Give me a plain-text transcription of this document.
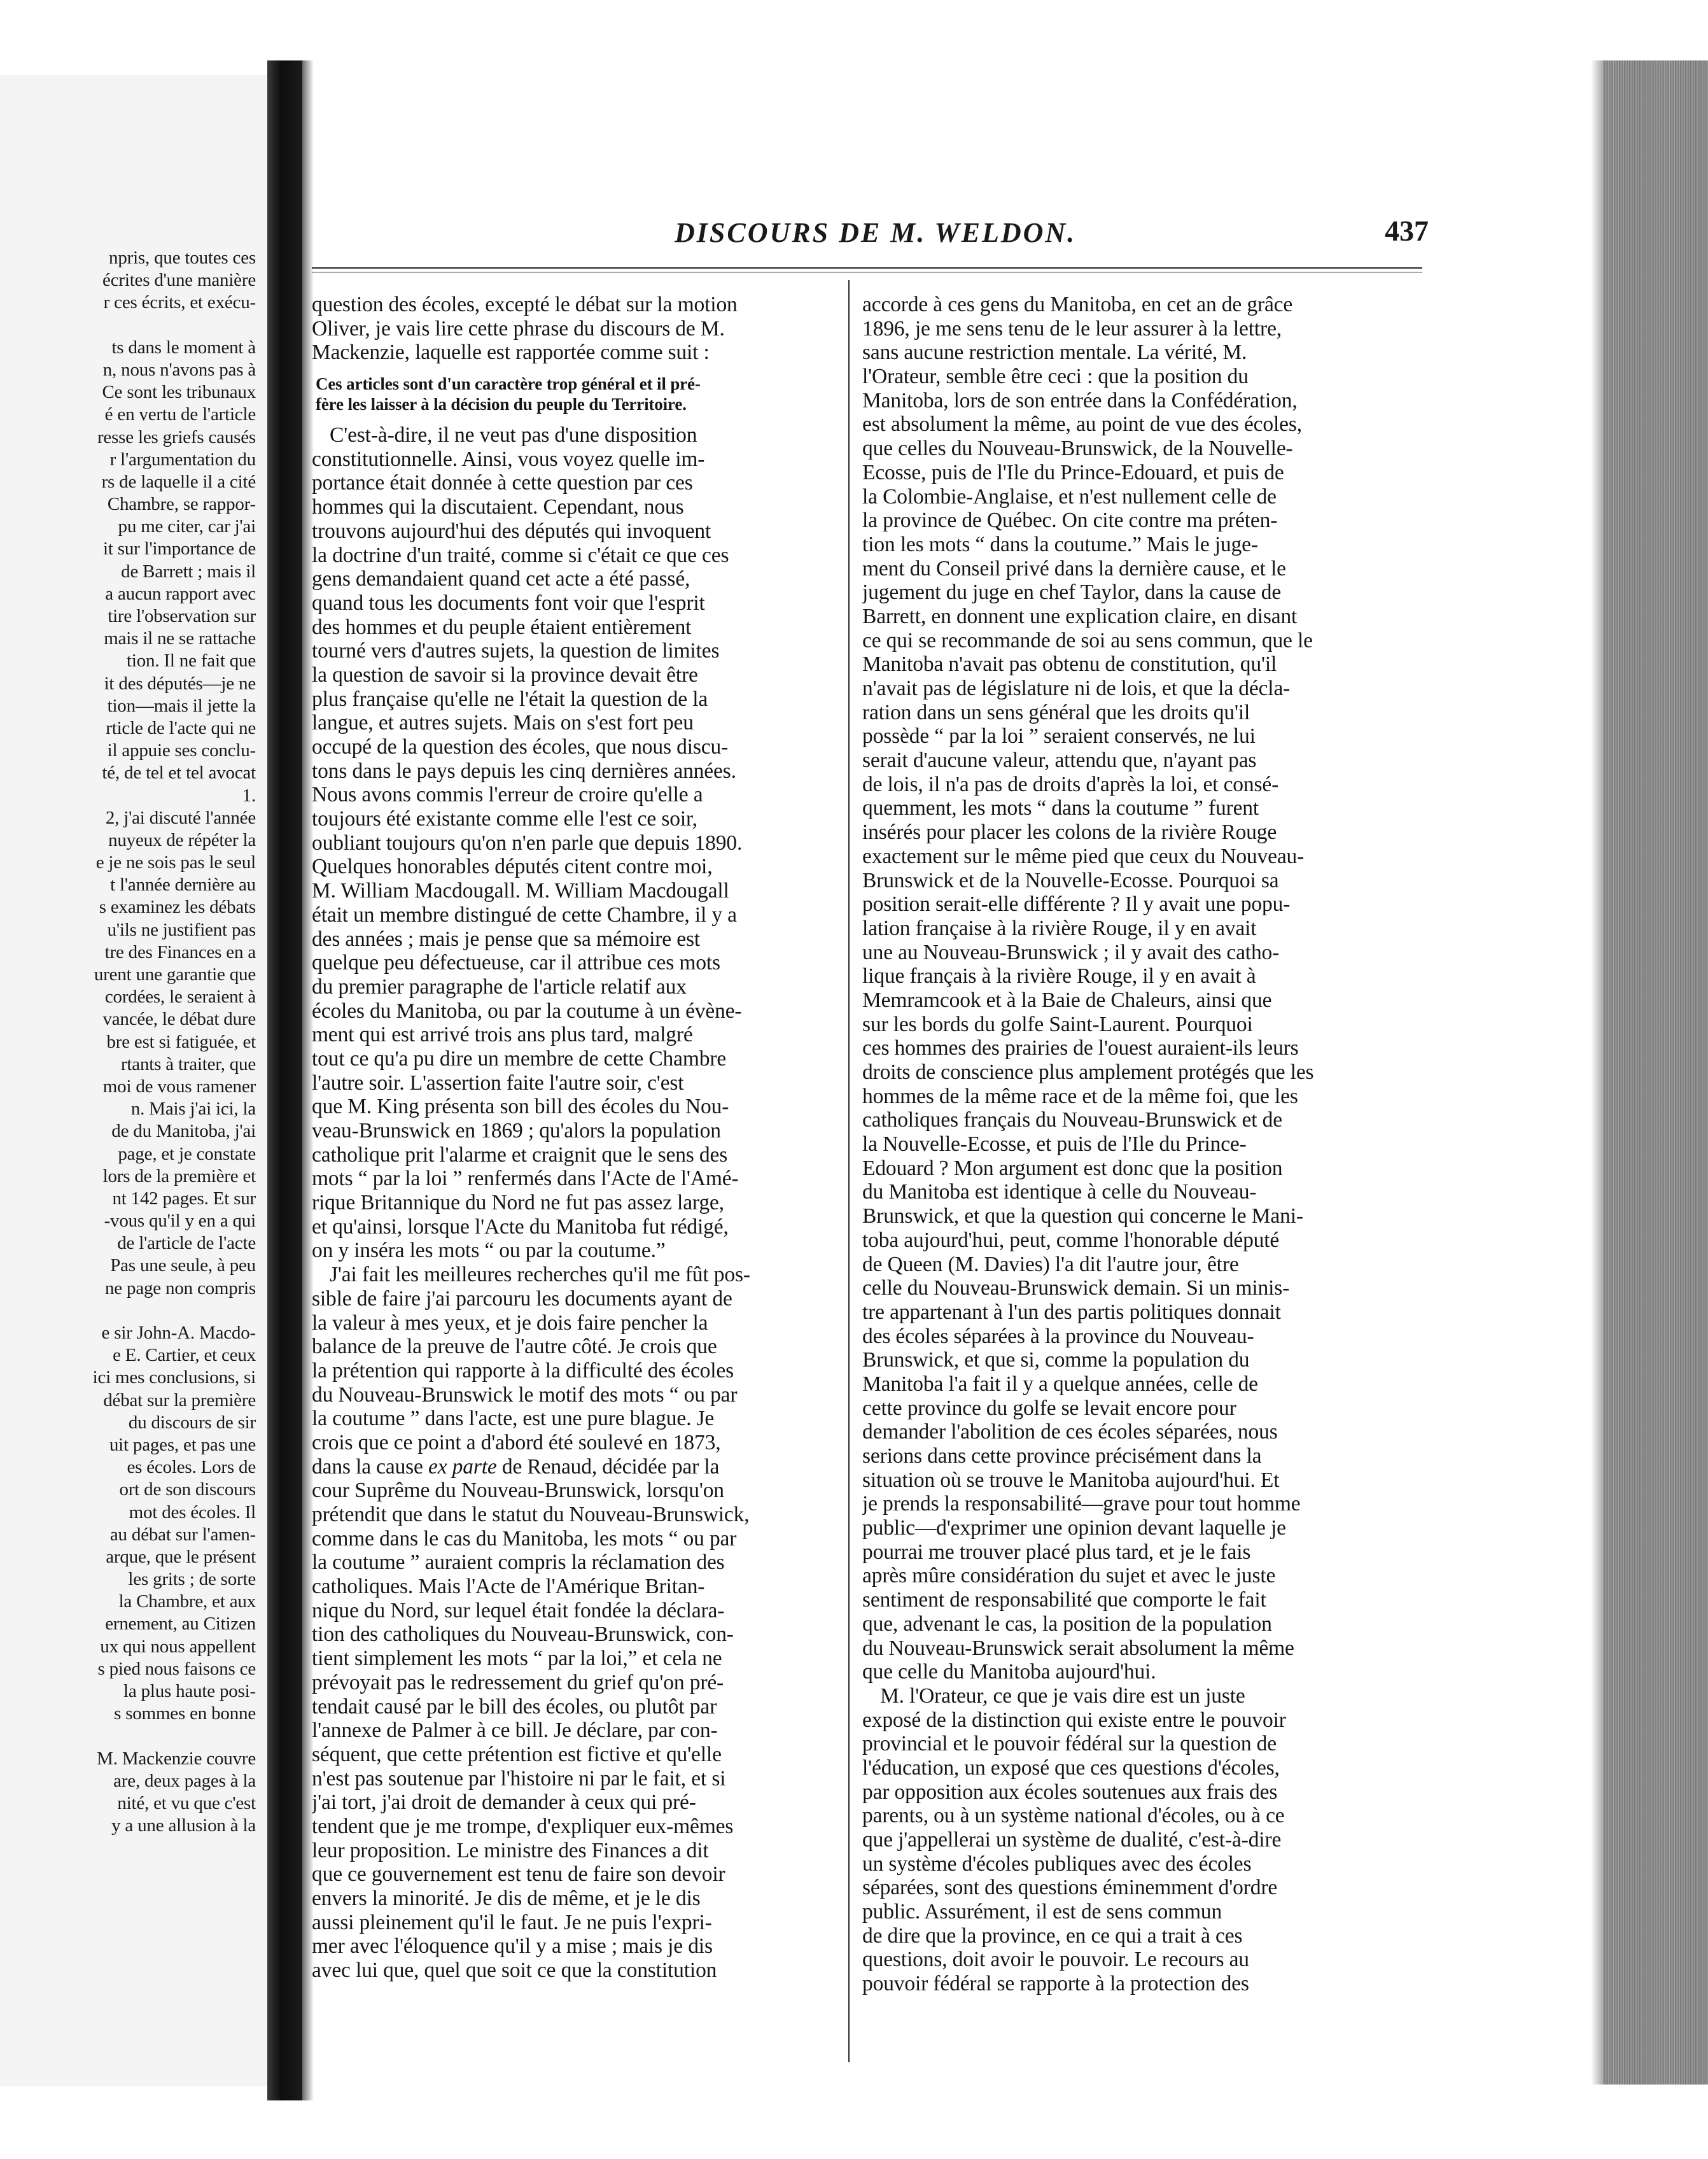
npris, que toutes ces
écrites d'une manière
r ces écrits, et exécu-
ts dans le moment à
n, nous n'avons pas à
Ce sont les tribunaux
é en vertu de l'article
resse les griefs causés
r l'argumentation du
rs de laquelle il a cité
Chambre, se rappor-
pu me citer, car j'ai
it sur l'importance de
de Barrett ; mais il
a aucun rapport avec
tire l'observation sur
mais il ne se rattache
tion. Il ne fait que
it des députés—je ne
tion—mais il jette la
rticle de l'acte qui ne
il appuie ses conclu-
té, de tel et tel avocat
1.
2, j'ai discuté l'année
nuyeux de répéter la
e je ne sois pas le seul
t l'année dernière au
s examinez les débats
u'ils ne justifient pas
tre des Finances en a
urent une garantie que
cordées, le seraient à
vancée, le débat dure
bre est si fatiguée, et
rtants à traiter, que
moi de vous ramener
n. Mais j'ai ici, la
de du Manitoba, j'ai
page, et je constate
lors de la première et
nt 142 pages. Et sur
-vous qu'il y en a qui
de l'article de l'acte
Pas une seule, à peu
ne page non compris
e sir John-A. Macdo-
e E. Cartier, et ceux
ici mes conclusions, si
débat sur la première
du discours de sir
uit pages, et pas une
es écoles. Lors de
ort de son discours
mot des écoles. Il
au débat sur l'amen-
arque, que le présent
les grits ; de sorte
la Chambre, et aux
ernement, au Citizen
ux qui nous appellent
s pied nous faisons ce
la plus haute posi-
s sommes en bonne
M. Mackenzie couvre
are, deux pages à la
nité, et vu que c'est
y a une allusion à la
DISCOURS DE M. WELDON.	437
question des écoles, excepté le débat sur la motion
Oliver, je vais lire cette phrase du discours de M.
Mackenzie, laquelle est rapportée comme suit :
Ces articles sont d'un caractère trop général et il pré-
fère les laisser à la décision du peuple du Territoire.
C'est-à-dire, il ne veut pas d'une disposition
constitutionnelle. Ainsi, vous voyez quelle im-
portance était donnée à cette question par ces
hommes qui la discutaient. Cependant, nous
trouvons aujourd'hui des députés qui invoquent
la doctrine d'un traité, comme si c'était ce que ces
gens demandaient quand cet acte a été passé,
quand tous les documents font voir que l'esprit
des hommes et du peuple étaient entièrement
tourné vers d'autres sujets, la question de limites
la question de savoir si la province devait être
plus française qu'elle ne l'était la question de la
langue, et autres sujets. Mais on s'est fort peu
occupé de la question des écoles, que nous discu-
tons dans le pays depuis les cinq dernières années.
Nous avons commis l'erreur de croire qu'elle a
toujours été existante comme elle l'est ce soir,
oubliant toujours qu'on n'en parle que depuis 1890.
Quelques honorables députés citent contre moi,
M. William Macdougall. M. William Macdougall
était un membre distingué de cette Chambre, il y a
des années ; mais je pense que sa mémoire est
quelque peu défectueuse, car il attribue ces mots
du premier paragraphe de l'article relatif aux
écoles du Manitoba, ou par la coutume à un évène-
ment qui est arrivé trois ans plus tard, malgré
tout ce qu'a pu dire un membre de cette Chambre
l'autre soir. L'assertion faite l'autre soir, c'est
que M. King présenta son bill des écoles du Nou-
veau-Brunswick en 1869 ; qu'alors la population
catholique prit l'alarme et craignit que le sens des
mots “ par la loi ” renfermés dans l'Acte de l'Amé-
rique Britannique du Nord ne fut pas assez large,
et qu'ainsi, lorsque l'Acte du Manitoba fut rédigé,
on y inséra les mots “ ou par la coutume.”
J'ai fait les meilleures recherches qu'il me fût pos-
sible de faire j'ai parcouru les documents ayant de
la valeur à mes yeux, et je dois faire pencher la
balance de la preuve de l'autre côté. Je crois que
la prétention qui rapporte à la difficulté des écoles
du Nouveau-Brunswick le motif des mots “ ou par
la coutume ” dans l'acte, est une pure blague. Je
crois que ce point a d'abord été soulevé en 1873,
dans la cause ex parte de Renaud, décidée par la
cour Suprême du Nouveau-Brunswick, lorsqu'on
prétendit que dans le statut du Nouveau-Brunswick,
comme dans le cas du Manitoba, les mots “ ou par
la coutume ” auraient compris la réclamation des
catholiques. Mais l'Acte de l'Amérique Britan-
nique du Nord, sur lequel était fondée la déclara-
tion des catholiques du Nouveau-Brunswick, con-
tient simplement les mots “ par la loi,” et cela ne
prévoyait pas le redressement du grief qu'on pré-
tendait causé par le bill des écoles, ou plutôt par
l'annexe de Palmer à ce bill. Je déclare, par con-
séquent, que cette prétention est fictive et qu'elle
n'est pas soutenue par l'histoire ni par le fait, et si
j'ai tort, j'ai droit de demander à ceux qui pré-
tendent que je me trompe, d'expliquer eux-mêmes
leur proposition. Le ministre des Finances a dit
que ce gouvernement est tenu de faire son devoir
envers la minorité. Je dis de même, et je le dis
aussi pleinement qu'il le faut. Je ne puis l'expri-
mer avec l'éloquence qu'il y a mise ; mais je dis
avec lui que, quel que soit ce que la constitution
accorde à ces gens du Manitoba, en cet an de grâce
1896, je me sens tenu de le leur assurer à la lettre,
sans aucune restriction mentale. La vérité, M.
l'Orateur, semble être ceci : que la position du
Manitoba, lors de son entrée dans la Confédération,
est absolument la même, au point de vue des écoles,
que celles du Nouveau-Brunswick, de la Nouvelle-
Ecosse, puis de l'Ile du Prince-Edouard, et puis de
la Colombie-Anglaise, et n'est nullement celle de
la province de Québec. On cite contre ma préten-
tion les mots “ dans la coutume.” Mais le juge-
ment du Conseil privé dans la dernière cause, et le
jugement du juge en chef Taylor, dans la cause de
Barrett, en donnent une explication claire, en disant
ce qui se recommande de soi au sens commun, que le
Manitoba n'avait pas obtenu de constitution, qu'il
n'avait pas de législature ni de lois, et que la décla-
ration dans un sens général que les droits qu'il
possède “ par la loi ” seraient conservés, ne lui
serait d'aucune valeur, attendu que, n'ayant pas
de lois, il n'a pas de droits d'après la loi, et consé-
quemment, les mots “ dans la coutume ” furent
insérés pour placer les colons de la rivière Rouge
exactement sur le même pied que ceux du Nouveau-
Brunswick et de la Nouvelle-Ecosse. Pourquoi sa
position serait-elle différente ? Il y avait une popu-
lation française à la rivière Rouge, il y en avait
une au Nouveau-Brunswick ; il y avait des catho-
lique français à la rivière Rouge, il y en avait à
Memramcook et à la Baie de Chaleurs, ainsi que
sur les bords du golfe Saint-Laurent. Pourquoi
ces hommes des prairies de l'ouest auraient-ils leurs
droits de conscience plus amplement protégés que les
hommes de la même race et de la même foi, que les
catholiques français du Nouveau-Brunswick et de
la Nouvelle-Ecosse, et puis de l'Ile du Prince-
Edouard ? Mon argument est donc que la position
du Manitoba est identique à celle du Nouveau-
Brunswick, et que la question qui concerne le Mani-
toba aujourd'hui, peut, comme l'honorable député
de Queen (M. Davies) l'a dit l'autre jour, être
celle du Nouveau-Brunswick demain. Si un minis-
tre appartenant à l'un des partis politiques donnait
des écoles séparées à la province du Nouveau-
Brunswick, et que si, comme la population du
Manitoba l'a fait il y a quelque années, celle de
cette province du golfe se levait encore pour
demander l'abolition de ces écoles séparées, nous
serions dans cette province précisément dans la
situation où se trouve le Manitoba aujourd'hui. Et
je prends la responsabilité—grave pour tout homme
public—d'exprimer une opinion devant laquelle je
pourrai me trouver placé plus tard, et je le fais
après mûre considération du sujet et avec le juste
sentiment de responsabilité que comporte le fait
que, advenant le cas, la position de la population
du Nouveau-Brunswick serait absolument la même
que celle du Manitoba aujourd'hui.
M. l'Orateur, ce que je vais dire est un juste
exposé de la distinction qui existe entre le pouvoir
provincial et le pouvoir fédéral sur la question de
l'éducation, un exposé que ces questions d'écoles,
par opposition aux écoles soutenues aux frais des
parents, ou à un système national d'écoles, ou à ce
que j'appellerai un système de dualité, c'est-à-dire
un système d'écoles publiques avec des écoles
séparées, sont des questions éminemment d'ordre
public. Assurément, il est de sens commun
de dire que la province, en ce qui a trait à ces
questions, doit avoir le pouvoir. Le recours au
pouvoir fédéral se rapporte à la protection des
